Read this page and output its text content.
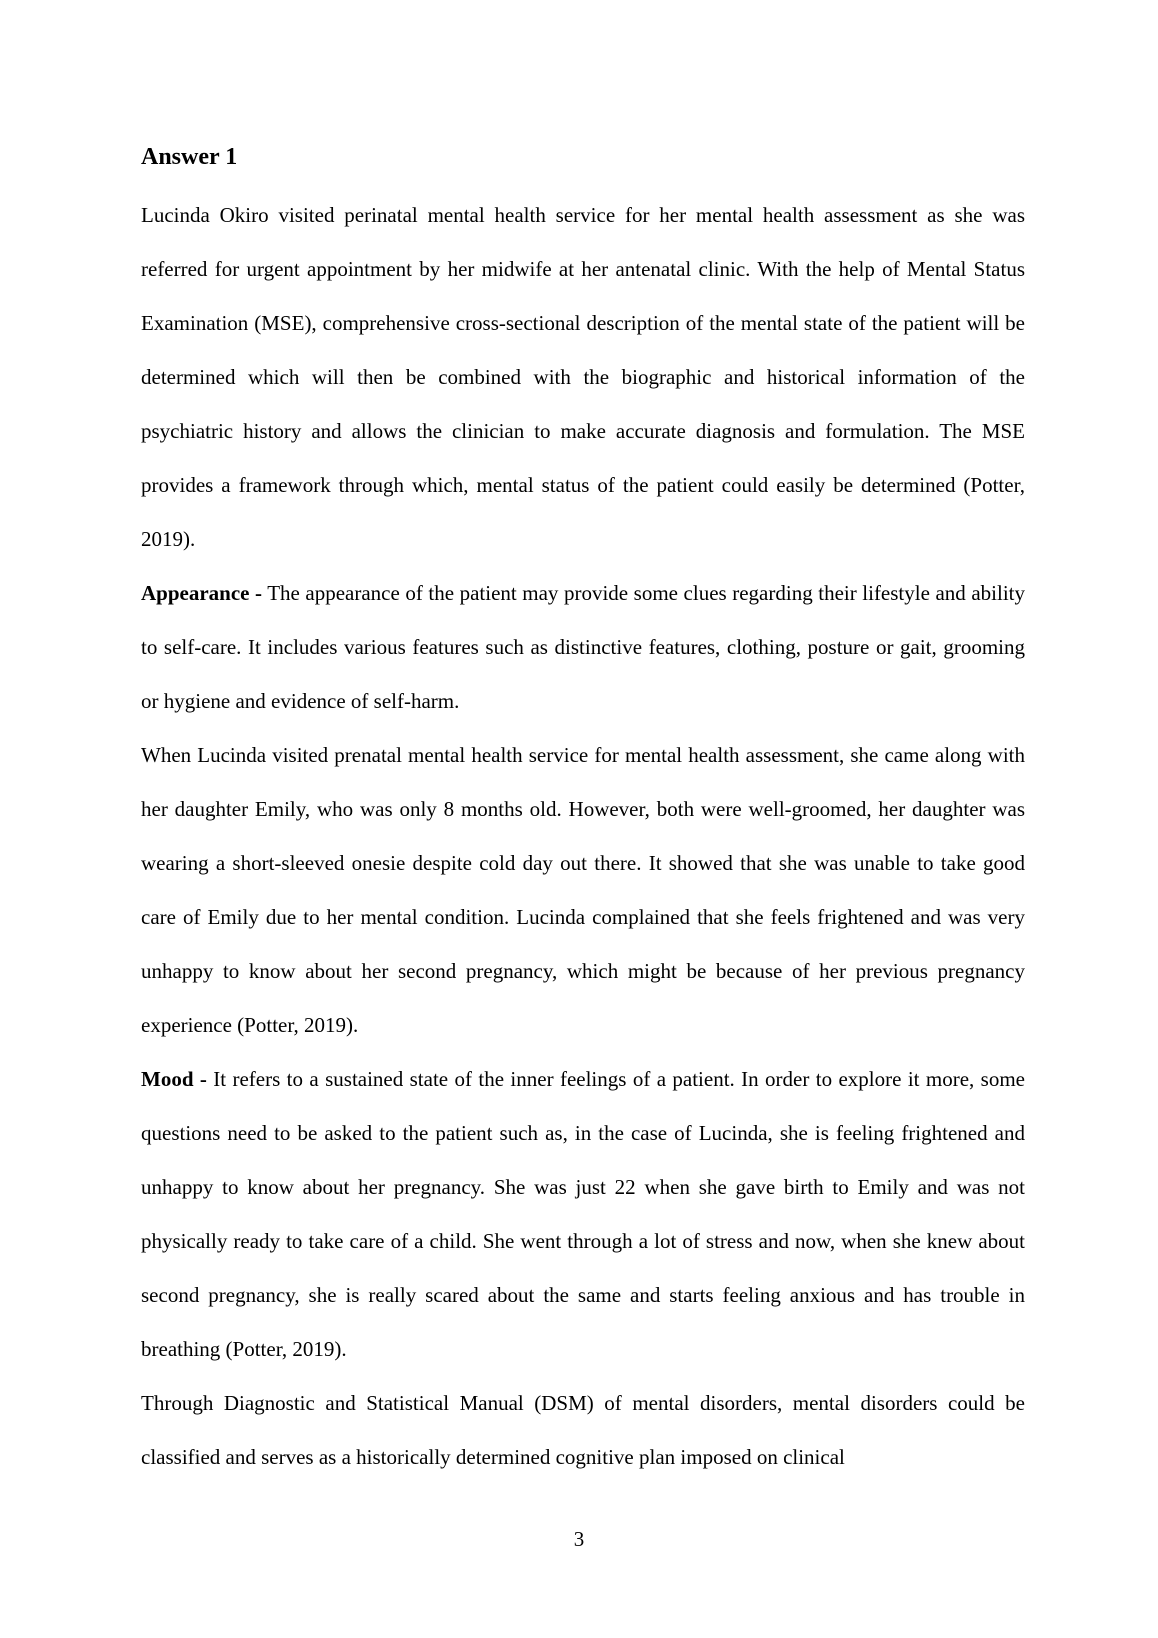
Answer 1

Lucinda Okiro visited perinatal mental health service for her mental health assessment as she was referred for urgent appointment by her midwife at her antenatal clinic. With the help of Mental Status Examination (MSE), comprehensive cross-sectional description of the mental state of the patient will be determined which will then be combined with the biographic and historical information of the psychiatric history and allows the clinician to make accurate diagnosis and formulation. The MSE provides a framework through which, mental status of the patient could easily be determined (Potter, 2019).

Appearance - The appearance of the patient may provide some clues regarding their lifestyle and ability to self-care. It includes various features such as distinctive features, clothing, posture or gait, grooming or hygiene and evidence of self-harm.

When Lucinda visited prenatal mental health service for mental health assessment, she came along with her daughter Emily, who was only 8 months old. However, both were well-groomed, her daughter was wearing a short-sleeved onesie despite cold day out there. It showed that she was unable to take good care of Emily due to her mental condition. Lucinda complained that she feels frightened and was very unhappy to know about her second pregnancy, which might be because of her previous pregnancy experience (Potter, 2019).

Mood - It refers to a sustained state of the inner feelings of a patient. In order to explore it more, some questions need to be asked to the patient such as, in the case of Lucinda, she is feeling frightened and unhappy to know about her pregnancy. She was just 22 when she gave birth to Emily and was not physically ready to take care of a child. She went through a lot of stress and now, when she knew about second pregnancy, she is really scared about the same and starts feeling anxious and has trouble in breathing (Potter, 2019).

Through Diagnostic and Statistical Manual (DSM) of mental disorders, mental disorders could be classified and serves as a historically determined cognitive plan imposed on clinical

3
